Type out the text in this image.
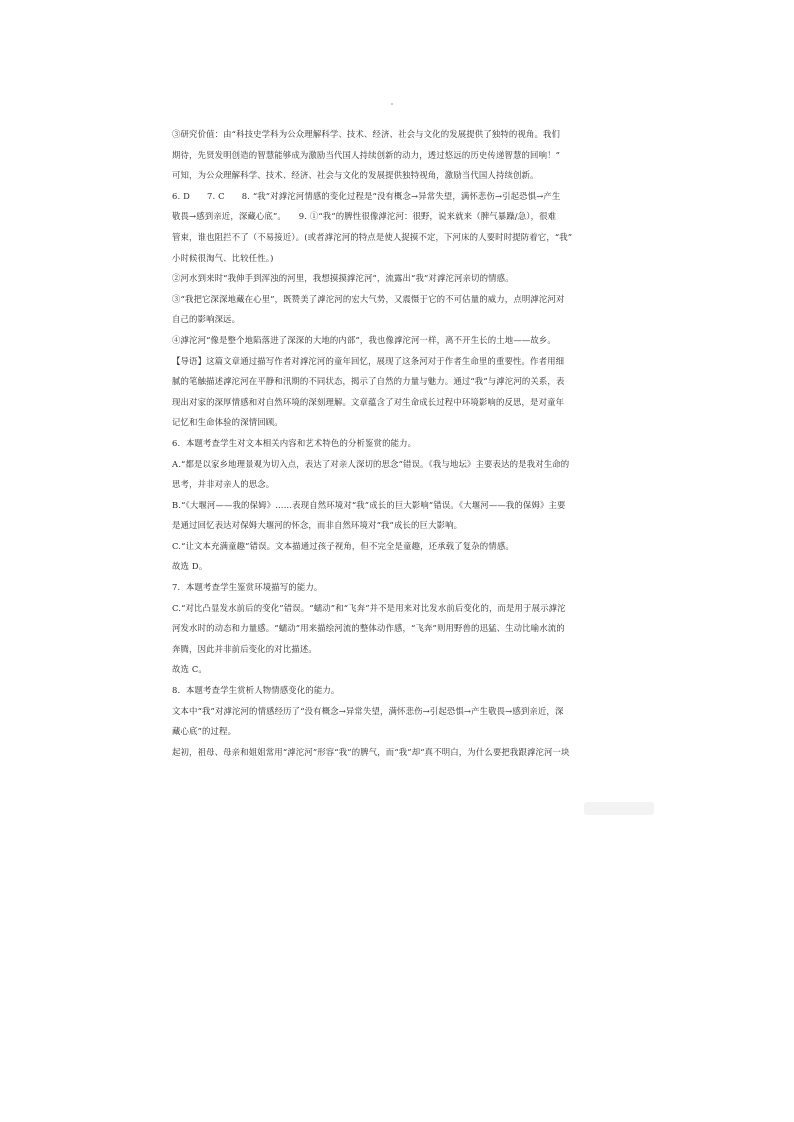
③研究价值：由“科技史学科为公众理解科学、技术、经济、社会与文化的发展提供了独特的视角。我们
期待，先贤发明创造的智慧能够成为激励当代国人持续创新的动力，透过悠远的历史传递智慧的回响！”
可知，为公众理解科学、技术、经济、社会与文化的发展提供独特视角，激励当代国人持续创新。
6. D　　7. C　　8. “我”对滹沱河情感的变化过程是“没有概念→异常失望，满怀悲伤→引起恐惧→产生
敬畏→感到亲近，深藏心底”。　　9. ①“我”的脾性很像滹沱河：很野，说来就来（脾气暴躁/急），很难
管束，谁也阻拦不了（不易接近）。(或者滹沱河的特点是使人捉摸不定，下河床的人要时时提防着它，“我”
小时候很淘气、比较任性。)
②河水到来时“我伸手到浑浊的河里，我想摸摸滹沱河”，流露出“我”对滹沱河亲切的情感。
③“我把它深深地藏在心里”，既赞美了滹沱河的宏大气势，又震慑于它的不可估量的威力，点明滹沱河对
自己的影响深远。
④滹沱河“像是整个地陷落进了深深的大地的内部”，我也像滹沱河一样，离不开生长的土地——故乡。
【导语】这篇文章通过描写作者对滹沱河的童年回忆，展现了这条河对于作者生命里的重要性。作者用细
腻的笔触描述滹沱河在平静和汛期的不同状态，揭示了自然的力量与魅力。通过“我”与滹沱河的关系，表
现出对家的深厚情感和对自然环境的深刻理解。文章蕴含了对生命成长过程中环境影响的反思，是对童年
记忆和生命体验的深情回顾。
6．本题考查学生对文本相关内容和艺术特色的分析鉴赏的能力。
A.“都是以家乡地理景观为切入点，表达了对亲人深切的思念”错误。《我与地坛》主要表达的是我对生命的
思考，并非对亲人的思念。
B.“《大堰河——我的保姆》……表现自然环境对“我”成长的巨大影响”错误。《大堰河——我的保姆》主要
是通过回忆表达对保姆大堰河的怀念，而非自然环境对“我”成长的巨大影响。
C.“让文本充满童趣”错误。文本描通过孩子视角，但不完全是童趣，还承载了复杂的情感。
故选 D。
7．本题考查学生鉴赏环境描写的能力。
C.“对比凸显发水前后的变化”错误。“蠕动”和“飞奔”并不是用来对比发水前后变化的，而是用于展示滹沱
河发水时的动态和力量感。“蠕动”用来描绘河流的整体动作感，“飞奔”则用野兽的迅猛、生动比喻水流的
奔腾，因此并非前后变化的对比描述。
故选 C。
8．本题考查学生赏析人物情感变化的能力。
文本中“我”对滹沱河的情感经历了“没有概念→异常失望，满怀悲伤→引起恐惧→产生敬畏→感到亲近，深
藏心底”的过程。
起初，祖母、母亲和姐姐常用“滹沱河”形容“我”的脾气，而“我”却“真不明白，为什么要把我跟滹沱河一块
